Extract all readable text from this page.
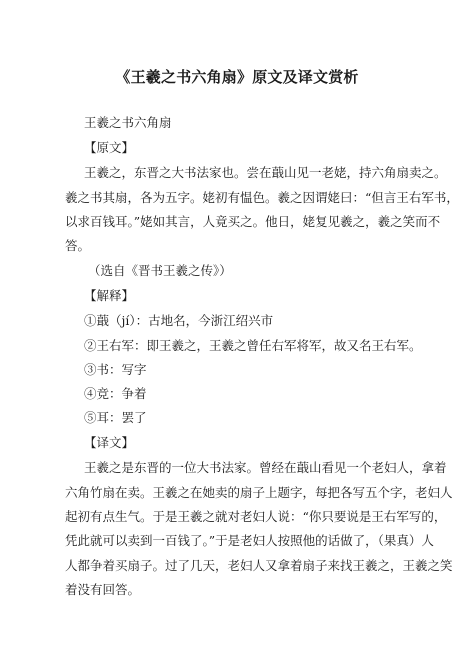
《王羲之书六角扇》原文及译文赏析
王羲之书六角扇
【原文】
王羲之，东晋之大书法家也。尝在蕺山见一老姥，持六角扇卖之。
羲之书其扇，各为五字。姥初有愠色。羲之因谓姥曰：“但言王右军书，
以求百钱耳。”姥如其言，人竟买之。他日，姥复见羲之，羲之笑而不
答。
（选自《晋书王羲之传》）
【解释】
①蕺（jí）：古地名，今浙江绍兴市
②王右军：即王羲之，王羲之曾任右军将军，故又名王右军。
③书：写字
④竞：争着
⑤耳：罢了
【译文】
王羲之是东晋的一位大书法家。曾经在蕺山看见一个老妇人，拿着
六角竹扇在卖。王羲之在她卖的扇子上题字，每把各写五个字，老妇人
起初有点生气。于是王羲之就对老妇人说：“你只要说是王右军写的，
凭此就可以卖到一百钱了。”于是老妇人按照他的话做了，（果真）人
人都争着买扇子。过了几天，老妇人又拿着扇子来找王羲之，王羲之笑
着没有回答。
